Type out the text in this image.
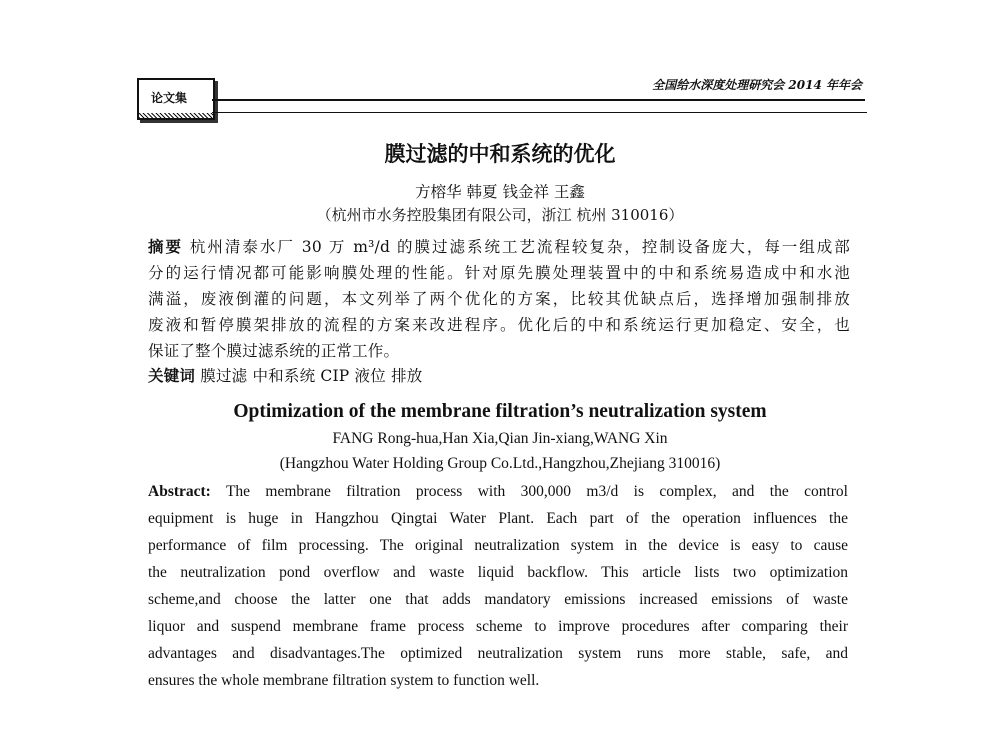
论文集
全国给水深度处理研究会 2014 年年会
膜过滤的中和系统的优化
方榕华 韩夏 钱金祥 王鑫
（杭州市水务控股集团有限公司，浙江 杭州 310016）
摘要 杭州清泰水厂 30 万 m³/d 的膜过滤系统工艺流程较复杂，控制设备庞大，每一组成部
分的运行情况都可能影响膜处理的性能。针对原先膜处理装置中的中和系统易造成中和水池
满溢，废液倒灌的问题，本文列举了两个优化的方案，比较其优缺点后，选择增加强制排放
废液和暂停膜架排放的流程的方案来改进程序。优化后的中和系统运行更加稳定、安全，也
保证了整个膜过滤系统的正常工作。
关键词 膜过滤 中和系统 CIP 液位 排放
Optimization of the membrane filtration’s neutralization system
FANG Rong-hua,Han Xia,Qian Jin-xiang,WANG Xin
(Hangzhou Water Holding Group Co.Ltd.,Hangzhou,Zhejiang 310016)
Abstract: The membrane filtration process with 300,000 m3/d is complex, and the control
equipment is huge in Hangzhou Qingtai Water Plant. Each part of the operation influences the
performance of film processing. The original neutralization system in the device is easy to cause
the neutralization pond overflow and waste liquid backflow. This article lists two optimization
scheme,and choose the latter one that adds mandatory emissions increased emissions of waste
liquor and suspend membrane frame process scheme to improve procedures after comparing their
advantages and disadvantages.The optimized neutralization system runs more stable, safe, and
ensures the whole membrane filtration system to function well.
